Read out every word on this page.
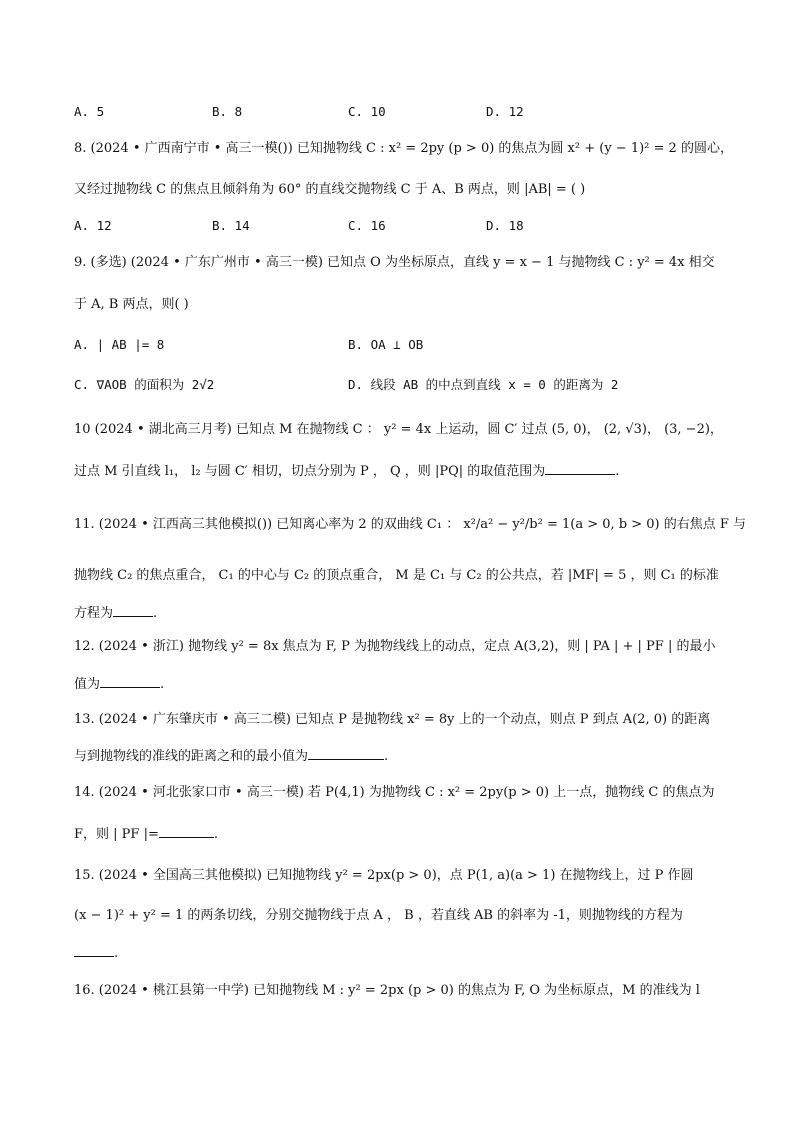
A. 5	B. 8	C. 10	D. 12
8. (2024 • 广西南宁市 • 高三一模()) 已知抛物线 C : x² = 2py (p > 0) 的焦点为圆 x² + (y − 1)² = 2 的圆心，
又经过抛物线 C 的焦点且倾斜角为 60° 的直线交抛物线 C 于 A、B 两点，则 |AB| = ( )
A. 12	B. 14	C. 16	D. 18
9. (多选) (2024 • 广东广州市 • 高三一模) 已知点 O 为坐标原点，直线 y = x − 1 与抛物线 C : y² = 4x 相交
于 A, B 两点，则( )
A. | AB |= 8	B. OA ⊥ OB
C. ∇AOB 的面积为 2√2	D. 线段 AB 的中点到直线 x = 0 的距离为 2
10 (2024 • 湖北高三月考) 已知点 M 在抛物线 C ： y² = 4x 上运动，圆 C′ 过点 (5, 0)， (2, √3)， (3, −2)，
过点 M 引直线 l₁， l₂ 与圆 C′ 相切，切点分别为 P ， Q ，则 |PQ| 的取值范围为	.
11. (2024 • 江西高三其他模拟()) 已知离心率为 2 的双曲线 C₁ ： x²/a² − y²/b² = 1(a > 0, b > 0) 的右焦点 F 与
抛物线 C₂ 的焦点重合， C₁ 的中心与 C₂ 的顶点重合， M 是 C₁ 与 C₂ 的公共点，若 |MF| = 5 ，则 C₁ 的标准
方程为	.
12. (2024 • 浙江) 抛物线 y² = 8x 焦点为 F, P 为抛物线线上的动点，定点 A(3,2)，则 | PA | + | PF | 的最小
值为	.
13. (2024 • 广东肇庆市 • 高三二模) 已知点 P 是抛物线 x² = 8y 上的一个动点，则点 P 到点 A(2, 0) 的距离
与到抛物线的准线的距离之和的最小值为	.
14. (2024 • 河北张家口市 • 高三一模) 若 P(4,1) 为抛物线 C : x² = 2py(p > 0) 上一点，抛物线 C 的焦点为
F，则 | PF |=	.
15. (2024 • 全国高三其他模拟) 已知抛物线 y² = 2px(p > 0)，点 P(1, a)(a > 1) 在抛物线上，过 P 作圆
(x − 1)² + y² = 1 的两条切线，分别交抛物线于点 A ， B ，若直线 AB 的斜率为 -1，则抛物线的方程为
.
16. (2024 • 桃江县第一中学) 已知抛物线 M : y² = 2px (p > 0) 的焦点为 F, O 为坐标原点，M 的准线为 l
